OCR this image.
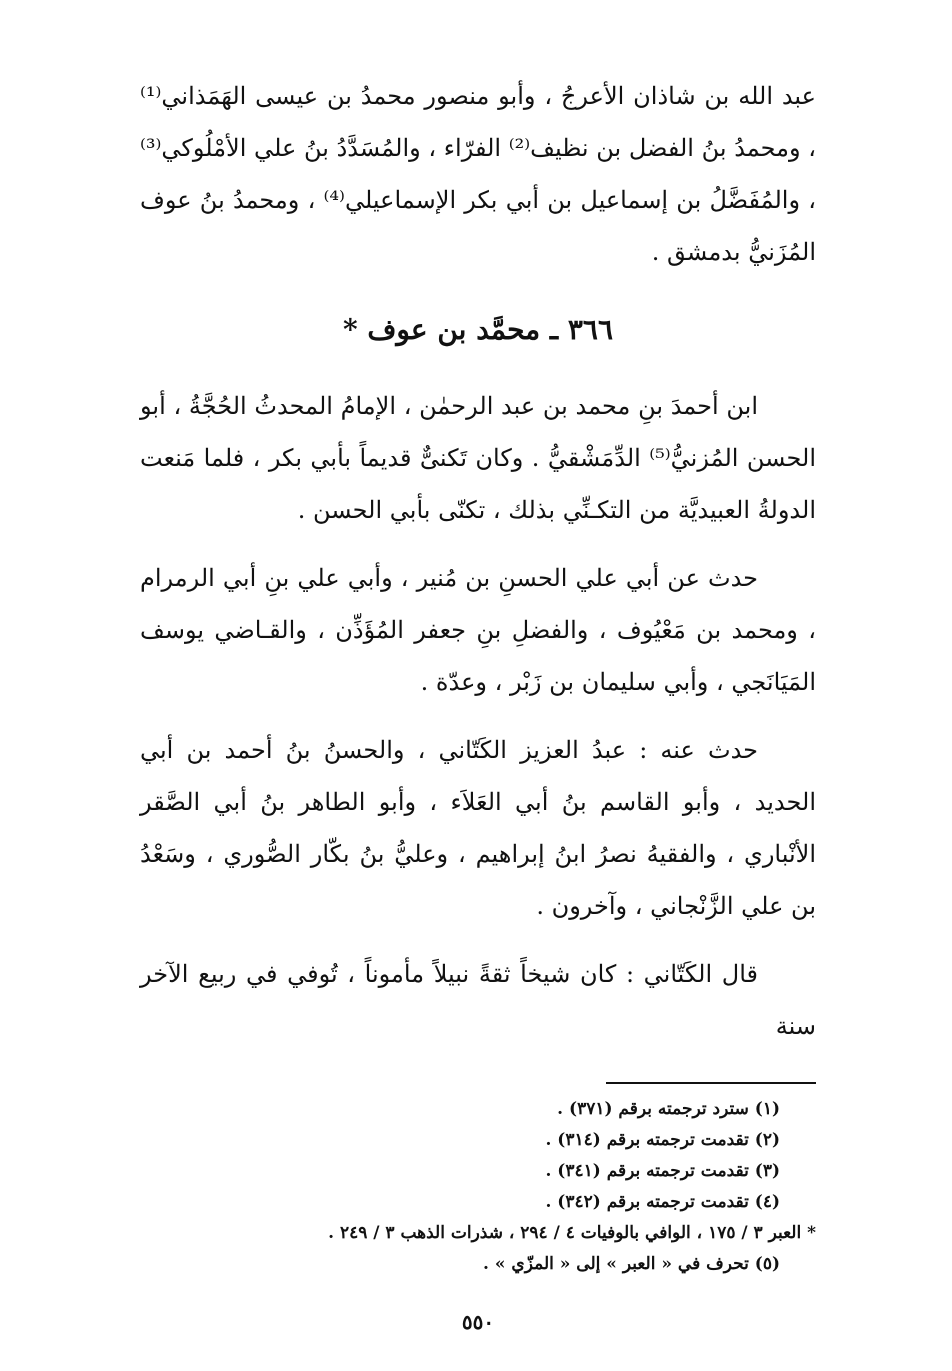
عبد الله بن شاذان الأعرجُ ، وأبو منصور محمدُ بن عيسى الهَمَذاني⁽¹⁾ ، ومحمدُ بنُ الفضل بن نظيف⁽²⁾ الفرّاء ، والمُسَدَّدُ بنُ علي الأمْلُوكي⁽³⁾ ، والمُفَضَّلُ بن إسماعيل بن أبي بكر الإسماعيلي⁽⁴⁾ ، ومحمدُ بنُ عوف المُزَنيُّ بدمشق .

٣٦٦ ـ محمَّد بن عوف *

ابن أحمدَ بنِ محمد بن عبد الرحمٰن ، الإمامُ المحدثُ الحُجَّةُ ، أبو الحسن المُزنيُّ⁽⁵⁾ الدِّمَشْقيُّ . وكان تَكنىٌّ قديماً بأبي بكر ، فلما مَنعت الدولةُ العبيديَّة من التكـنِّي بذلك ، تكنّى بأبي الحسن .

حدث عن أبي علي الحسنِ بن مُنير ، وأبي علي بنِ أبي الرمرام ، ومحمد بن مَعْيُوف ، والفضلِ بنِ جعفر المُؤَذِّن ، والقـاضي يوسف المَيَانَجي ، وأبي سليمان بن زَبْر ، وعدّة .

حدث عنه : عبدُ العزيز الكَتّاني ، والحسنُ بنُ أحمد بن أبي الحديد ، وأبو القاسم بنُ أبي العَلاَء ، وأبو الطاهر بنُ أبي الصَّقر الأنْباري ، والفقيهُ نصرُ ابنُ إبراهيم ، وعليُّ بنُ بكّار الصُّوري ، وسَعْدُ بن علي الزَّنْجاني ، وآخرون .

قال الكَتّاني : كان شيخاً ثقةً نبيلاً مأموناً ، تُوفي في ربيع الآخر سنة

(١) سترد ترجمته برقم (٣٧١) .

(٢) تقدمت ترجمته برقم (٣١٤) .

(٣) تقدمت ترجمته برقم (٣٤١) .

(٤) تقدمت ترجمته برقم (٣٤٢) .

* العبر ٣ / ١٧٥ ، الوافي بالوفيات ٤ / ٢٩٤ ، شذرات الذهب ٣ / ٢٤٩ .

(٥) تحرف في « العبر » إلى « المزّي » .

٥٥٠
